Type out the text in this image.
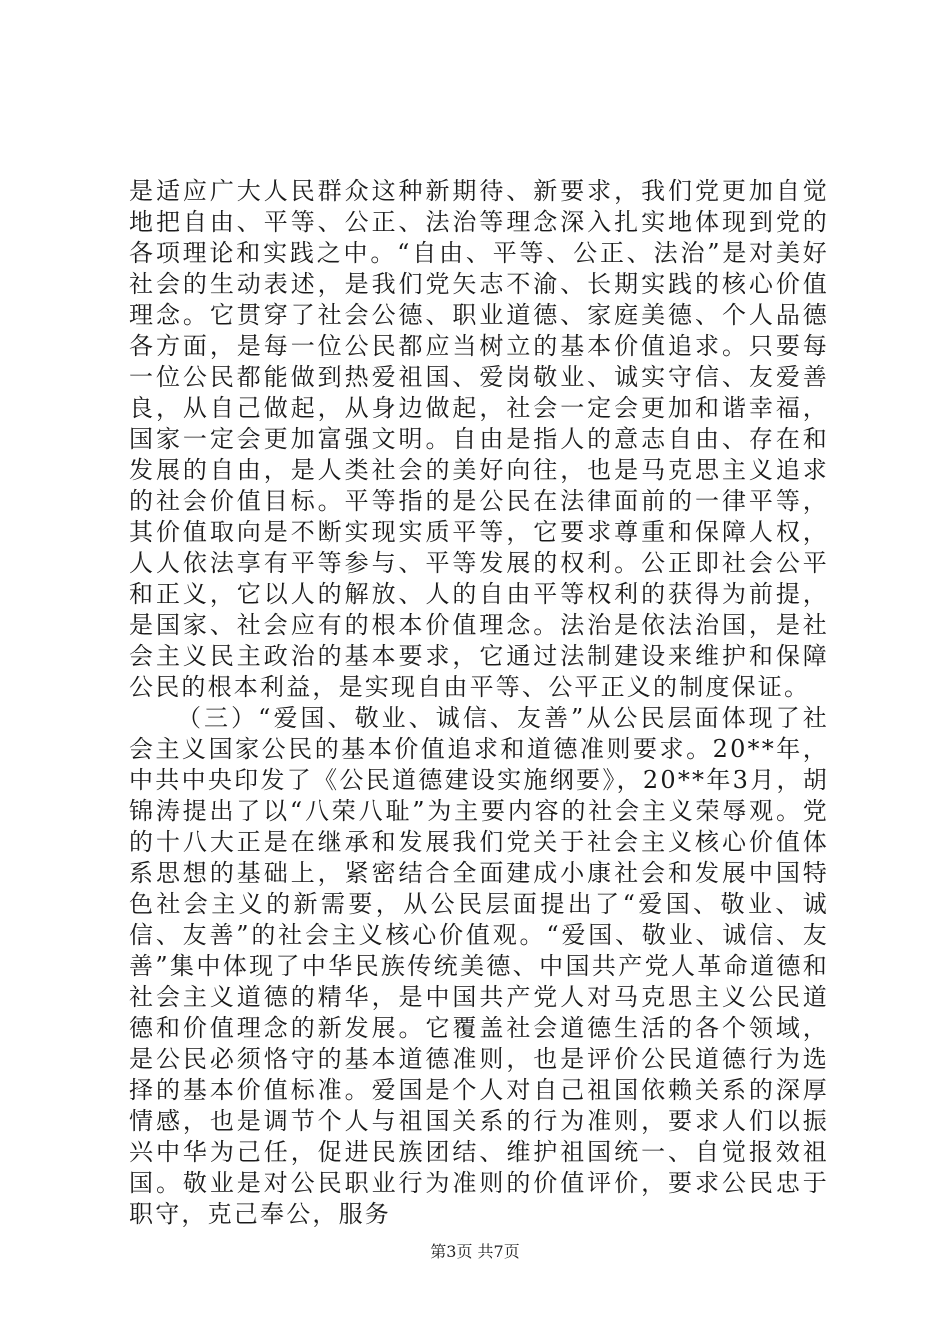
是适应广大人民群众这种新期待、新要求，我们党更加自觉地把自由、平等、公正、法治等理念深入扎实地体现到党的各项理论和实践之中。“自由、平等、公正、法治”是对美好社会的生动表述，是我们党矢志不渝、长期实践的核心价值理念。它贯穿了社会公德、职业道德、家庭美德、个人品德各方面，是每一位公民都应当树立的基本价值追求。只要每一位公民都能做到热爱祖国、爱岗敬业、诚实守信、友爱善良，从自己做起，从身边做起，社会一定会更加和谐幸福，国家一定会更加富强文明。自由是指人的意志自由、存在和发展的自由，是人类社会的美好向往，也是马克思主义追求的社会价值目标。平等指的是公民在法律面前的一律平等，其价值取向是不断实现实质平等，它要求尊重和保障人权，人人依法享有平等参与、平等发展的权利。公正即社会公平和正义，它以人的解放、人的自由平等权利的获得为前提，是国家、社会应有的根本价值理念。法治是依法治国，是社会主义民主政治的基本要求，它通过法制建设来维护和保障公民的根本利益，是实现自由平等、公平正义的制度保证。

（三）“爱国、敬业、诚信、友善”从公民层面体现了社会主义国家公民的基本价值追求和道德准则要求。20**年，中共中央印发了《公民道德建设实施纲要》，20**年3月，胡锦涛提出了以“八荣八耻”为主要内容的社会主义荣辱观。党的十八大正是在继承和发展我们党关于社会主义核心价值体系思想的基础上，紧密结合全面建成小康社会和发展中国特色社会主义的新需要，从公民层面提出了“爱国、敬业、诚信、友善”的社会主义核心价值观。“爱国、敬业、诚信、友善”集中体现了中华民族传统美德、中国共产党人革命道德和社会主义道德的精华，是中国共产党人对马克思主义公民道德和价值理念的新发展。它覆盖社会道德生活的各个领域，是公民必须恪守的基本道德准则，也是评价公民道德行为选择的基本价值标准。爱国是个人对自己祖国依赖关系的深厚情感，也是调节个人与祖国关系的行为准则，要求人们以振兴中华为己任，促进民族团结、维护祖国统一、自觉报效祖国。敬业是对公民职业行为准则的价值评价，要求公民忠于职守，克己奉公，服务

第3页 共7页
